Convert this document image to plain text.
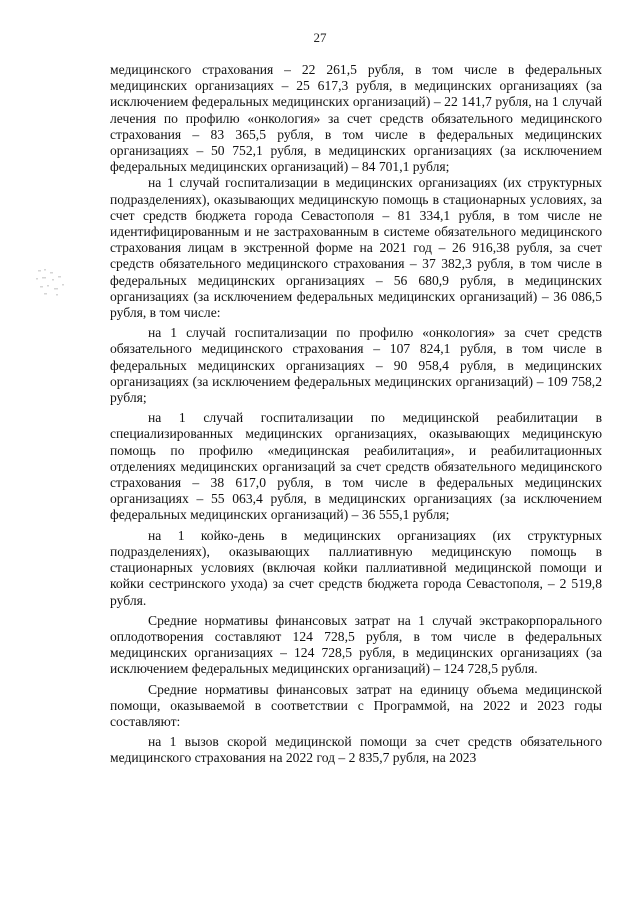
27

медицинского страхования – 22 261,5 рубля, в том числе в федеральных медицинских организациях – 25 617,3 рубля, в медицинских организациях (за исключением федеральных медицинских организаций) – 22 141,7 рубля, на 1 случай лечения по профилю «онкология» за счет средств обязательного медицинского страхования – 83 365,5 рубля, в том числе в федеральных медицинских организациях – 50 752,1 рубля, в медицинских организациях (за исключением федеральных медицинских организаций) – 84 701,1 рубля;

на 1 случай госпитализации в медицинских организациях (их структурных подразделениях), оказывающих медицинскую помощь в стационарных условиях, за счет средств бюджета города Севастополя – 81 334,1 рубля, в том числе не идентифицированным и не застрахованным в системе обязательного медицинского страхования лицам в экстренной форме на 2021 год – 26 916,38 рубля, за счет средств обязательного медицинского страхования – 37 382,3 рубля, в том числе в федеральных медицинских организациях – 56 680,9 рубля, в медицинских организациях (за исключением федеральных медицинских организаций) – 36 086,5 рубля, в том числе:

на 1 случай госпитализации по профилю «онкология» за счет средств обязательного медицинского страхования – 107 824,1 рубля, в том числе в федеральных медицинских организациях – 90 958,4 рубля, в медицинских организациях (за исключением федеральных медицинских организаций) – 109 758,2 рубля;

на 1 случай госпитализации по медицинской реабилитации в специализированных медицинских организациях, оказывающих медицинскую помощь по профилю «медицинская реабилитация», и реабилитационных отделениях медицинских организаций за счет средств обязательного медицинского страхования – 38 617,0 рубля, в том числе в федеральных медицинских организациях – 55 063,4 рубля, в медицинских организациях (за исключением федеральных медицинских организаций) – 36 555,1 рубля;

на 1 койко-день в медицинских организациях (их структурных подразделениях), оказывающих паллиативную медицинскую помощь в стационарных условиях (включая койки паллиативной медицинской помощи и койки сестринского ухода) за счет средств бюджета города Севастополя, – 2 519,8 рубля.

Средние нормативы финансовых затрат на 1 случай экстракорпорального оплодотворения составляют 124 728,5 рубля, в том числе в федеральных медицинских организациях – 124 728,5 рубля, в медицинских организациях (за исключением федеральных медицинских организаций) – 124 728,5 рубля.

Средние нормативы финансовых затрат на единицу объема медицинской помощи, оказываемой в соответствии с Программой, на 2022 и 2023 годы составляют:

на 1 вызов скорой медицинской помощи за счет средств обязательного медицинского страхования на 2022 год – 2 835,7 рубля, на 2023
